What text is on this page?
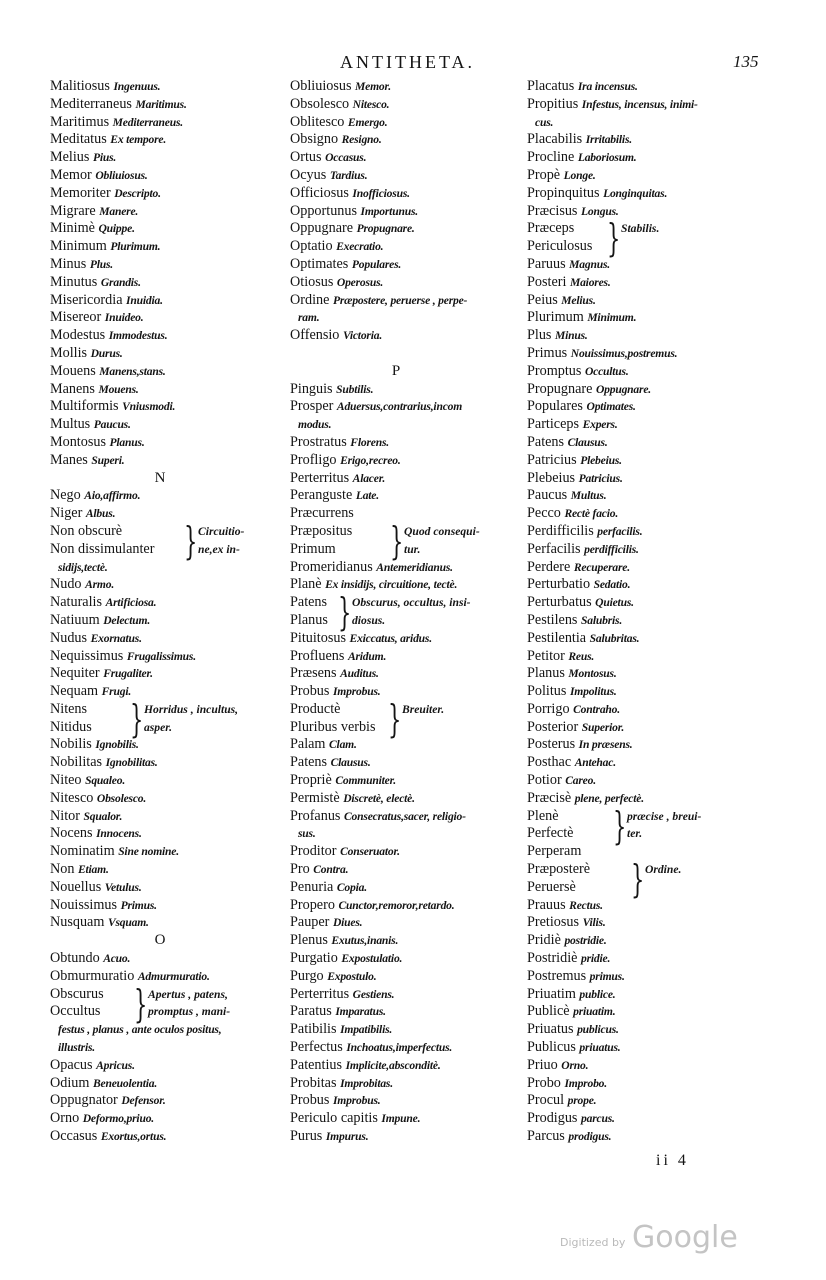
ANTITHETA.	135
Malitiosus Ingenuus.
Mediterraneus Maritimus.
Maritimus Mediterraneus.
Meditatus Ex tempore.
Melius Pius.
Memor Obliuiosus.
Memoriter Descripto.
Migrare Manere.
Minimè Quippe.
Minimum Plurimum.
Minus Plus.
Minutus Grandis.
Misericordia Inuidia.
Misereor Inuideo.
Modestus Immodestus.
Mollis Durus.
Mouens Manens,stans.
Manens Mouens.
Multiformis Vniusmodi.
Multus Paucus.
Montosus Planus.
Manes Superi.
N
Nego Aio,affirmo.
Niger Albus.
Non obscurè
Non dissimulanter } Circuitio-
ne,ex in-
sidijs,tectè.
Nudo Armo.
Naturalis Artificiosa.
Natiuum Delectum.
Nudus Exornatus.
Nequissimus Frugalissimus.
Nequiter Frugaliter.
Nequam Frugi.
Nitens
Nitidus	} Horridus , incultus,
asper.
Nobilis Ignobilis.
Nobilitas Ignobilitas.
Niteo Squaleo.
Nitesco Obsolesco.
Nitor Squalor.
Nocens Innocens.
Nominatim Sine nomine.
Non Etiam.
Nouellus Vetulus.
Nouissimus Primus.
Nusquam Vsquam.
O
Obtundo Acuo.
Obmurmuratio Admurmuratio.
Obscurus
Occultus } Apertus , patens,
promptus , mani-
festus , planus , ante oculos positus,
illustris.
Opacus Apricus.
Odium Beneuolentia.
Oppugnator Defensor.
Orno Deformo,priuo.
Occasus Exortus,ortus.
Obliuiosus Memor.
Obsolesco Nitesco.
Oblitesco Emergo.
Obsigno Resigno.
Ortus Occasus.
Ocyus Tardius.
Officiosus Inofficiosus.
Opportunus Importunus.
Oppugnare Propugnare.
Optatio Execratio.
Optimates Populares.
Otiosus Operosus.
Ordine Præpostere, peruerse , perpe-
ram.
Offensio Victoria.
P
Pinguis Subtilis.
Prosper Aduersus,contrarius,incom
modus.
Prostratus Florens.
Profligo Erigo,recreo.
Perterritus Alacer.
Peranguste Late.
Præcurrens
Præpositus
Primum	} Quod consequi-
tur.
Promeridianus Antemeridianus.
Planè Ex insidijs, circuitione, tectè.
Patens
Planus } Obscurus, occultus, insi-
diosus.
Pituitosus Exiccatus, aridus.
Profluens Aridum.
Præsens Auditus.
Probus Improbus.
Productè
Pluribus verbis } Breuiter.
Palam Clam.
Patens Clausus.
Propriè Communiter.
Permistè Discretè, electè.
Profanus Consecratus,sacer, religio-
sus.
Proditor Conseruator.
Pro Contra.
Penuria Copia.
Propero Cunctor,remoror,retardo.
Pauper Diues.
Plenus Exutus,inanis.
Purgatio Expostulatio.
Purgo Expostulo.
Perterritus Gestiens.
Paratus Imparatus.
Patibilis Impatibilis.
Perfectus Inchoatus,imperfectus.
Patentius Implicite,absconditè.
Probitas Improbitas.
Probus Improbus.
Periculo capitis Impune.
Purus Impurus.
Placatus Ira incensus.
Propitius Infestus, incensus, inimi-
cus.
Placabilis Irritabilis.
Procline Laboriosum.
Propè Longe.
Propinquitus Longinquitas.
Præcisus Longus.
Præceps
Periculosus } Stabilis.
Paruus Magnus.
Posteri Maiores.
Peius Melius.
Plurimum Minimum.
Plus Minus.
Primus Nouissimus,postremus.
Promptus Occultus.
Propugnare Oppugnare.
Populares Optimates.
Particeps Expers.
Patens Clausus.
Patricius Plebeius.
Plebeius Patricius.
Paucus Multus.
Pecco Rectè facio.
Perdifficilis perfacilis.
Perfacilis perdifficilis.
Perdere Recuperare.
Perturbatio Sedatio.
Perturbatus Quietus.
Pestilens Salubris.
Pestilentia Salubritas.
Petitor Reus.
Planus Montosus.
Politus Impolitus.
Porrigo Contraho.
Posterior Superior.
Posterus In præsens.
Posthac Antehac.
Potior Careo.
Præcisè plene, perfectè.
Plenè
Perfectè	} præcise , breui-
ter.
Perperam
Præposterè
Peruersè	} Ordine.
Prauus Rectus.
Pretiosus Vilis.
Pridiè postridie.
Postridiè pridie.
Postremus primus.
Priuatim publice.
Publicè priuatim.
Priuatus publicus.
Publicus priuatus.
Priuo Orno.
Probo Improbo.
Procul prope.
Prodigus parcus.
Parcus prodigus.
ii 4
Digitized by Google
